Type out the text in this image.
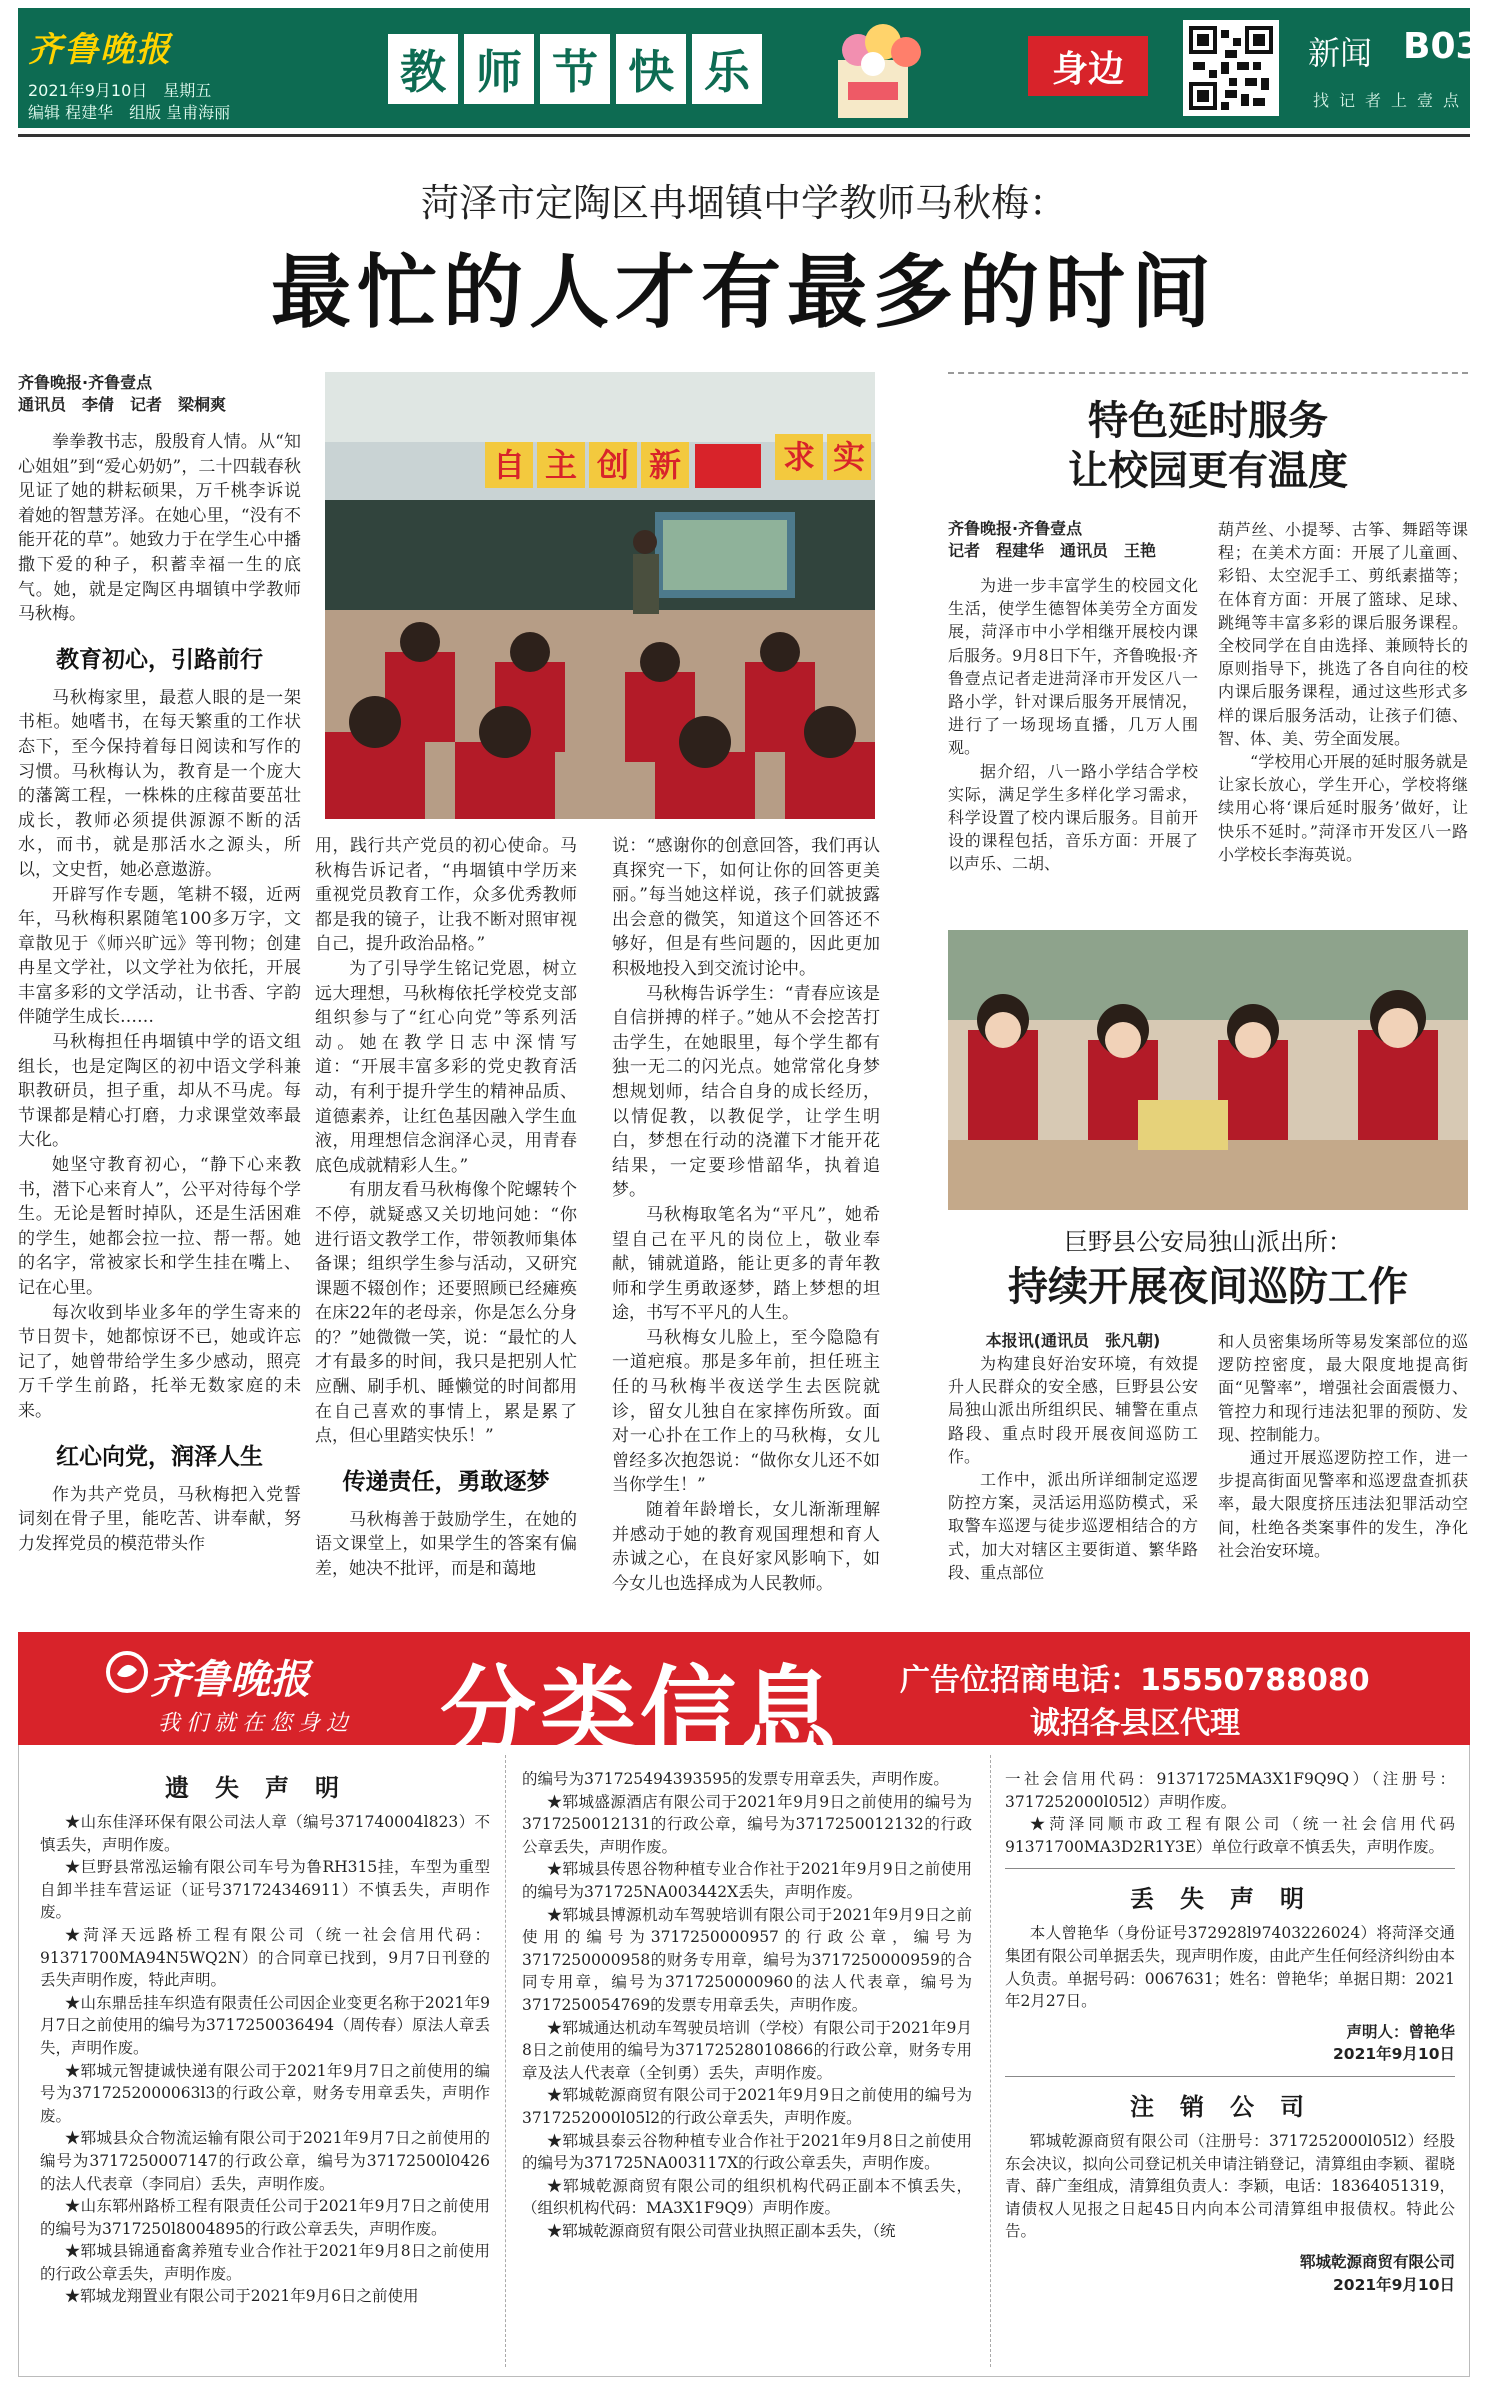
齐鲁晚报
2021年9月10日　星期五
编辑 程建华　组版 皇甫海丽
教 师 节 快 乐	身边	新闻 B03
找记者上壹点
菏泽市定陶区冉堌镇中学教师马秋梅：
最忙的人才有最多的时间
齐鲁晚报·齐鲁壹点
通讯员　李倩　记者　梁桐爽

拳拳教书志，殷殷育人情。从“知心姐姐”到“爱心奶奶”，二十四载春秋见证了她的耕耘硕果，万千桃李诉说着她的智慧芳泽。在她心里，“没有不能开花的草”。她致力于在学生心中播撒下爱的种子，积蓄幸福一生的底气。她，就是定陶区冉堌镇中学教师马秋梅。

教育初心，引路前行

马秋梅家里，最惹人眼的是一架书柜。她嗜书，在每天繁重的工作状态下，至今保持着每日阅读和写作的习惯。马秋梅认为，教育是一个庞大的藩篱工程，一株株的庄稼苗要茁壮成长，教师必须提供源源不断的活水，而书，就是那活水之源头，所以，文史哲，她必意遨游。

开辟写作专题，笔耕不辍，近两年，马秋梅积累随笔100多万字，文章散见于《师兴旷远》等刊物；创建冉星文学社，以文学社为依托，开展丰富多彩的文学活动，让书香、字韵伴随学生成长……

马秋梅担任冉堌镇中学的语文组组长，也是定陶区的初中语文学科兼职教研员，担子重，却从不马虎。每节课都是精心打磨，力求课堂效率最大化。

她坚守教育初心，“静下心来教书，潜下心来育人”，公平对待每个学生。无论是暂时掉队，还是生活困难的学生，她都会拉一拉、帮一帮。她的名字，常被家长和学生挂在嘴上、记在心里。

每次收到毕业多年的学生寄来的节日贺卡，她都惊讶不已，她或许忘记了，她曾带给学生多少感动，照亮万千学生前路，托举无数家庭的未来。

红心向党，润泽人生

作为共产党员，马秋梅把入党誓词刻在骨子里，能吃苦、讲奉献，努力发挥党员的模范带头作

自 主 创 新	求 实

用，践行共产党员的初心使命。马秋梅告诉记者，“冉堌镇中学历来重视党员教育工作，众多优秀教师都是我的镜子，让我不断对照审视自己，提升政治品格。”

为了引导学生铭记党恩，树立远大理想，马秋梅依托学校党支部组织参与了“红心向党”等系列活动。她在教学日志中深情写道：“开展丰富多彩的党史教育活动，有利于提升学生的精神品质、道德素养，让红色基因融入学生血液，用理想信念润泽心灵，用青春底色成就精彩人生。”

有朋友看马秋梅像个陀螺转个不停，就疑惑又关切地问她：“你进行语文教学工作，带领教师集体备课；组织学生参与活动，又研究课题不辍创作；还要照顾已经瘫痪在床22年的老母亲，你是怎么分身的？”她微微一笑，说：“最忙的人才有最多的时间，我只是把别人忙应酬、刷手机、睡懒觉的时间都用在自己喜欢的事情上，累是累了点，但心里踏实快乐！”

传递责任，勇敢逐梦

马秋梅善于鼓励学生，在她的语文课堂上，如果学生的答案有偏差，她决不批评，而是和蔼地

说：“感谢你的创意回答，我们再认真探究一下，如何让你的回答更美丽。”每当她这样说，孩子们就披露出会意的微笑，知道这个回答还不够好，但是有些问题的，因此更加积极地投入到交流讨论中。

马秋梅告诉学生：“青春应该是自信拼搏的样子。”她从不会挖苦打击学生，在她眼里，每个学生都有独一无二的闪光点。她常常化身梦想规划师，结合自身的成长经历，以情促教，以教促学，让学生明白，梦想在行动的浇灌下才能开花结果，一定要珍惜韶华，执着追梦。

马秋梅取笔名为“平凡”，她希望自己在平凡的岗位上，敬业奉献，铺就道路，能让更多的青年教师和学生勇敢逐梦，踏上梦想的坦途，书写不平凡的人生。

马秋梅女儿脸上，至今隐隐有一道疤痕。那是多年前，担任班主任的马秋梅半夜送学生去医院就诊，留女儿独自在家摔伤所致。面对一心扑在工作上的马秋梅，女儿曾经多次抱怨说：“做你女儿还不如当你学生！”

随着年龄增长，女儿渐渐理解并感动于她的教育观国理想和育人赤诚之心，在良好家风影响下，如今女儿也选择成为人民教师。

特色延时服务
让校园更有温度
齐鲁晚报·齐鲁壹点
记者　程建华　通讯员　王艳

为进一步丰富学生的校园文化生活，使学生德智体美劳全方面发展，菏泽市中小学相继开展校内课后服务。9月8日下午，齐鲁晚报·齐鲁壹点记者走进菏泽市开发区八一路小学，针对课后服务开展情况，进行了一场现场直播，几万人围观。

据介绍，八一路小学结合学校实际，满足学生多样化学习需求，科学设置了校内课后服务。目前开设的课程包括，音乐方面：开展了以声乐、二胡、

葫芦丝、小提琴、古筝、舞蹈等课程；在美术方面：开展了儿童画、彩铅、太空泥手工、剪纸素描等；在体育方面：开展了篮球、足球、跳绳等丰富多彩的课后服务课程。全校同学在自由选择、兼顾特长的原则指导下，挑选了各自向往的校内课后服务课程，通过这些形式多样的课后服务活动，让孩子们德、智、体、美、劳全面发展。

“学校用心开展的延时服务就是让家长放心，学生开心，学校将继续用心将‘课后延时服务’做好，让快乐不延时。”菏泽市开发区八一路小学校长李海英说。

巨野县公安局独山派出所：
持续开展夜间巡防工作
本报讯(通讯员　张凡朝)

为构建良好治安环境，有效提升人民群众的安全感，巨野县公安局独山派出所组织民、辅警在重点路段、重点时段开展夜间巡防工作。

工作中，派出所详细制定巡逻防控方案，灵活运用巡防模式，采取警车巡逻与徒步巡逻相结合的方式，加大对辖区主要街道、繁华路段、重点部位

和人员密集场所等易发案部位的巡逻防控密度，最大限度地提高街面“见警率”，增强社会面震慑力、管控力和现行违法犯罪的预防、发现、控制能力。

通过开展巡逻防控工作，进一步提高街面见警率和巡逻盘查抓获率，最大限度挤压违法犯罪活动空间，杜绝各类案事件的发生，净化社会治安环境。

齐鲁晚报
我们就在您身边 分类信息 广告位招商电话：15550788080
诚招各县区代理
遗失声明

★山东佳泽环保有限公司法人章（编号371740004l823）不慎丢失，声明作废。

★巨野县常泓运输有限公司车号为鲁RH315挂，车型为重型自卸半挂车营运证（证号371724346911）不慎丢失，声明作废。

★菏泽天远路桥工程有限公司（统一社会信用代码：91371700MA94N5WQ2N）的合同章已找到，9月7日刊登的丢失声明作废，特此声明。

★山东鼎岳挂车织造有限责任公司因企业变更名称于2021年9月7日之前使用的编号为3717250036494（周传春）原法人章丢失，声明作废。

★郓城元智捷诚快递有限公司于2021年9月7日之前使用的编号为3717252000063l3的行政公章，财务专用章丢失，声明作废。

★郓城县众合物流运输有限公司于2021年9月7日之前使用的编号为3717250007147的行政公章，编号为37172500l0426的法人代表章（李同启）丢失，声明作废。

★山东郓州路桥工程有限责任公司于2021年9月7日之前使用的编号为3717250l8004895的行政公章丢失，声明作废。

★郓城县锦通畜禽养殖专业合作社于2021年9月8日之前使用的行政公章丢失，声明作废。

★郓城龙翔置业有限公司于2021年9月6日之前使用

的编号为371725494393595的发票专用章丢失，声明作废。

★郓城盛源酒店有限公司于2021年9月9日之前使用的编号为3717250012131的行政公章，编号为3717250012132的行政公章丢失，声明作废。

★郓城县传恩谷物种植专业合作社于2021年9月9日之前使用的编号为371725NA003442X丢失，声明作废。

★郓城县博源机动车驾驶培训有限公司于2021年9月9日之前使用的编号为3717250000957的行政公章，编号为3717250000958的财务专用章，编号为3717250000959的合同专用章，编号为3717250000960的法人代表章，编号为3717250054769的发票专用章丢失，声明作废。

★郓城通达机动车驾驶员培训（学校）有限公司于2021年9月8日之前使用的编号为37172528010866的行政公章，财务专用章及法人代表章（全钊勇）丢失，声明作废。

★郓城乾源商贸有限公司于2021年9月9日之前使用的编号为3717252000l05l2的行政公章丢失，声明作废。

★郓城县泰云谷物种植专业合作社于2021年9月8日之前使用的编号为371725NA003117X的行政公章丢失，声明作废。

★郓城乾源商贸有限公司的组织机构代码正副本不慎丢失，（组织机构代码：MA3X1F9Q9）声明作废。

★郓城乾源商贸有限公司营业执照正副本丢失，（统

一社会信用代码：91371725MA3X1F9Q9Q）（注册号：3717252000l05l2）声明作废。

★菏泽同顺市政工程有限公司（统一社会信用代码91371700MA3D2R1Y3E）单位行政章不慎丢失，声明作废。

丢失声明

本人曾艳华（身份证号372928l97403226024）将菏泽交通集团有限公司单据丢失，现声明作废，由此产生任何经济纠纷由本人负责。单据号码：0067631；姓名：曾艳华；单据日期：2021年2月27日。

声明人：曾艳华
2021年9月10日
注销公司

郓城乾源商贸有限公司（注册号：3717252000l05l2）经股东会决议，拟向公司登记机关申请注销登记，清算组由李颖、翟晓青、薛广奎组成，清算组负责人：李颖，电话：18364051319，请债权人见报之日起45日内向本公司清算组申报债权。特此公告。

郓城乾源商贸有限公司
2021年9月10日
